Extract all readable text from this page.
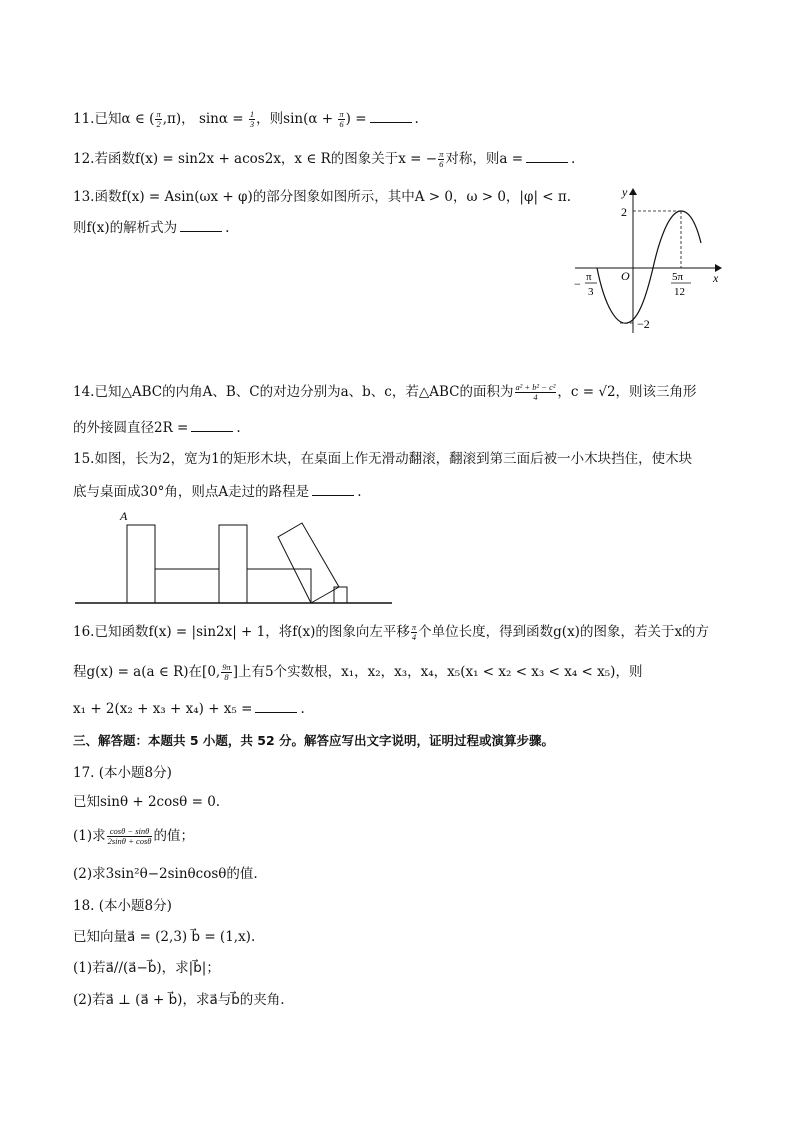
11.已知α ∈ ( $\frac{\pi}{2} ,\pi$)， $\sin\alpha = \frac{1}{3}$ ，则$\sin(\alpha + \frac{\pi}{6}$ ) =	.
12.若函数f(x) = sin2x + acos2x，x ∈ R的图象关于x = − $\frac{\pi}{6}$ 对称，则a =	.
13.函数f(x) = Asin(ωx + φ)的部分图象如图所示，其中A > 0，ω > 0，|φ| < π.
则f(x)的解析式为	.
y
x
O
2
−2
− π
3
5π
12
14.已知△ABC的内角A、B、C的对边分别为a、b、c，若△ABC的面积为 $\frac{\text{a² + b² − c²}}{4}$ ，c = √2，则该三角形
的外接圆直径2R =	.
15.如图，长为2，宽为1的矩形木块，在桌面上作无滑动翻滚，翻滚到第三面后被一小木块挡住，使木块
底与桌面成30°角，则点A走过的路程是	.
A
16.已知函数f(x) = |sin2x| + 1，将f(x)的图象向左平移 $\frac{\pi}{4}$ 个单位长度，得到函数g(x)的图象，若关于x的方
程g(x) = a(a ∈ R)在[0, $\frac{9\pi}{8}$ ]上有5个实数根，x₁，x₂，x₃，x₄，x₅(x₁ < x₂ < x₃ < x₄ < x₅)，则
x₁ + 2(x₂ + x₃ + x₄) + x₅ =	.
三、解答题：本题共 5 小题，共 52 分。解答应写出文字说明，证明过程或演算步骤。
17. (本小题8分)
已知sinθ + 2cosθ = 0.
(1)求 $\frac{\cos\theta - \sin\theta}{2\sin\theta + \cos\theta}$ 的值；
(2)求3sin²θ−2sinθcosθ的值.
18. (本小题8分)
已知向量a⃗ = (2,3) b⃗ = (1,x).
(1)若a⃗//(a⃗−b⃗)，求|b⃗|；
(2)若a⃗ ⊥ (a⃗ + b⃗)，求a⃗与b⃗的夹角.
